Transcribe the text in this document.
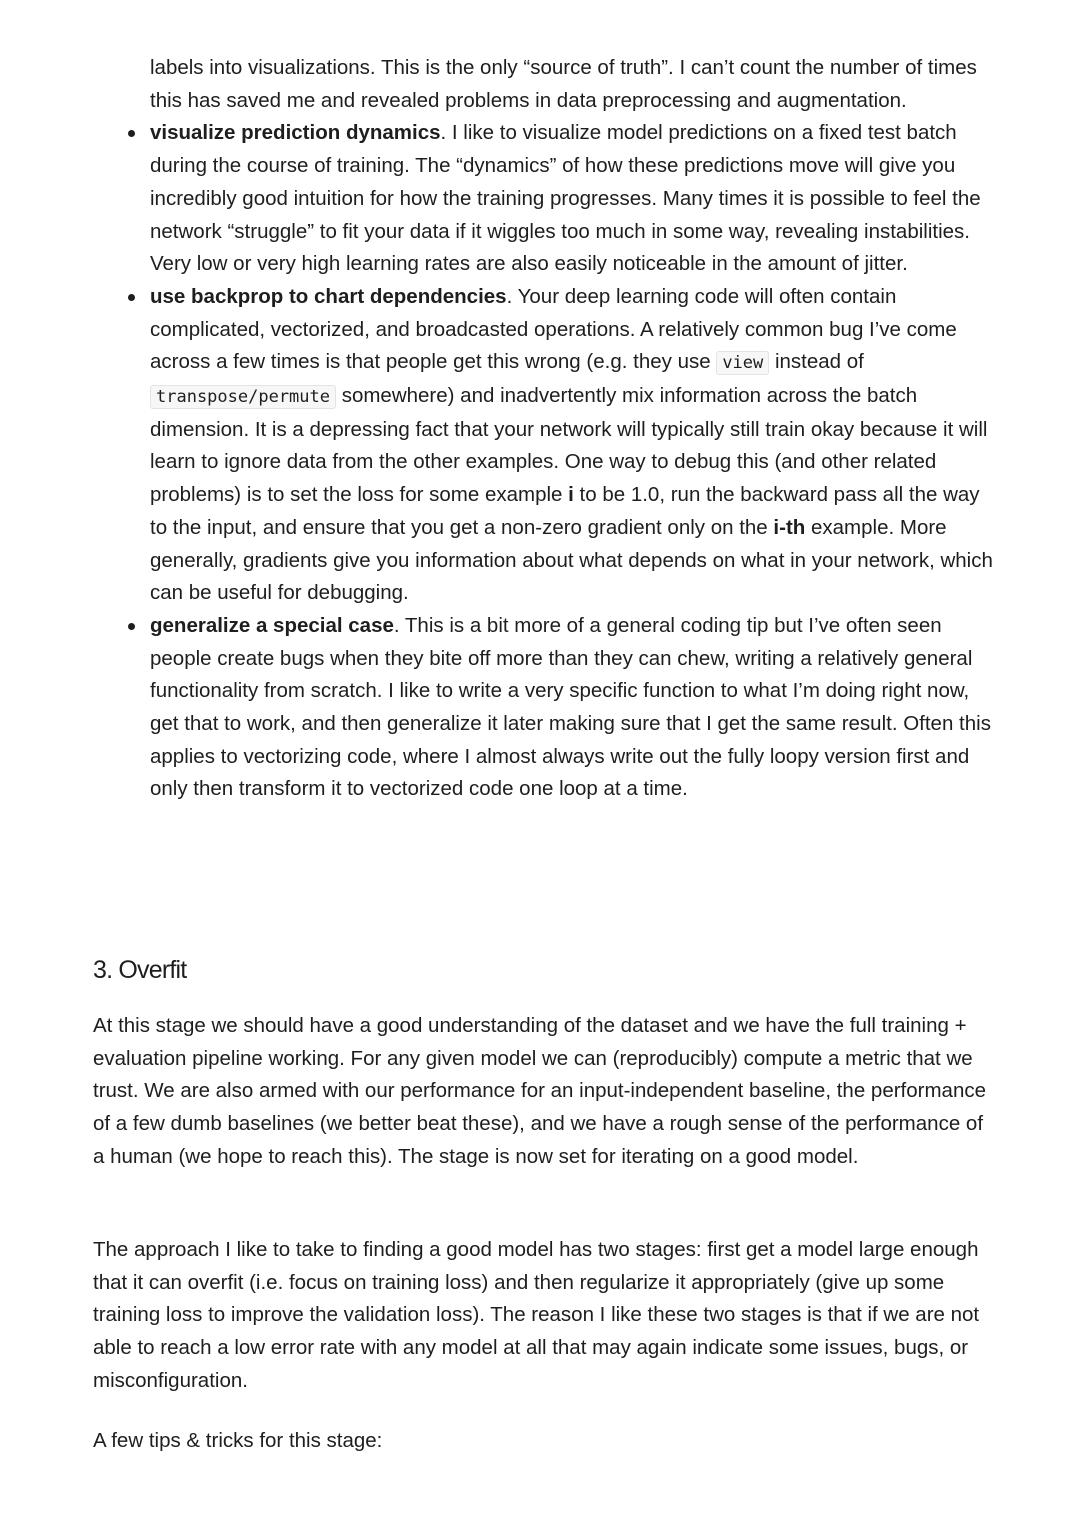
labels into visualizations. This is the only “source of truth”. I can’t count the number of times this has saved me and revealed problems in data preprocessing and augmentation.

visualize prediction dynamics. I like to visualize model predictions on a fixed test batch during the course of training. The “dynamics” of how these predictions move will give you incredibly good intuition for how the training progresses. Many times it is possible to feel the network “struggle” to fit your data if it wiggles too much in some way, revealing instabilities. Very low or very high learning rates are also easily noticeable in the amount of jitter.
use backprop to chart dependencies. Your deep learning code will often contain complicated, vectorized, and broadcasted operations. A relatively common bug I’ve come across a few times is that people get this wrong (e.g. they use view instead of transpose/permute somewhere) and inadvertently mix information across the batch dimension. It is a depressing fact that your network will typically still train okay because it will learn to ignore data from the other examples. One way to debug this (and other related problems) is to set the loss for some example i to be 1.0, run the backward pass all the way to the input, and ensure that you get a non-zero gradient only on the i-th example. More generally, gradients give you information about what depends on what in your network, which can be useful for debugging.
generalize a special case. This is a bit more of a general coding tip but I’ve often seen people create bugs when they bite off more than they can chew, writing a relatively general functionality from scratch. I like to write a very specific function to what I’m doing right now, get that to work, and then generalize it later making sure that I get the same result. Often this applies to vectorizing code, where I almost always write out the fully loopy version first and only then transform it to vectorized code one loop at a time.
3. Overfit

At this stage we should have a good understanding of the dataset and we have the full training + evaluation pipeline working. For any given model we can (reproducibly) compute a metric that we trust. We are also armed with our performance for an input-independent baseline, the performance of a few dumb baselines (we better beat these), and we have a rough sense of the performance of a human (we hope to reach this). The stage is now set for iterating on a good model.

The approach I like to take to finding a good model has two stages: first get a model large enough that it can overfit (i.e. focus on training loss) and then regularize it appropriately (give up some training loss to improve the validation loss). The reason I like these two stages is that if we are not able to reach a low error rate with any model at all that may again indicate some issues, bugs, or misconfiguration.

A few tips & tricks for this stage:
